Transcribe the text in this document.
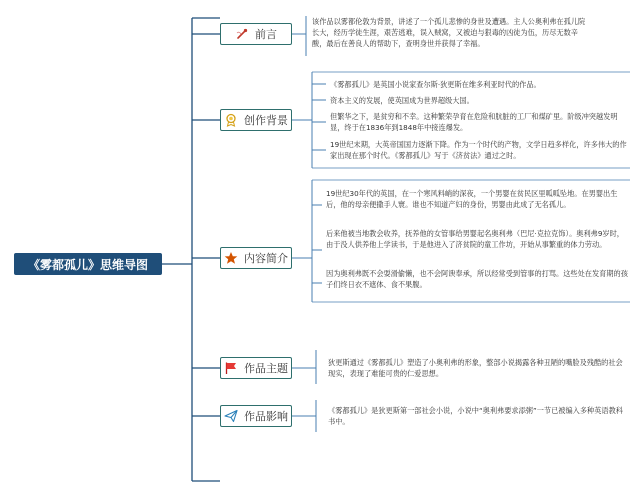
《雾都孤儿》思维导图
前言
创作背景
内容简介
作品主题
作品影响

该作品以雾都伦敦为背景，讲述了一个孤儿悲惨的身世及遭遇。主人公奥利弗在孤儿院长大，经历学徒生涯，艰苦逃难，误入贼窝，又被迫与狠毒的凶徒为伍，历尽无数辛酸，最后在善良人的帮助下，查明身世并获得了幸福。

《雾都孤儿》是英国小说家查尔斯·狄更斯在维多利亚时代的作品。

资本主义的发展，使英国成为世界超级大国。

但繁华之下，是贫穷和不幸。这种繁荣孕育在危险和肮脏的工厂和煤矿里。阶级冲突越发明显，终于在1836年到1848年中接连爆发。

19世纪末期，大英帝国国力逐渐下降。作为一个时代的产物，文学日趋多样化，许多伟大的作家出现在那个时代。《雾都孤儿》写于《济贫法》通过之时。

19世纪30年代的英国，在一个寒风料峭的深夜，一个男婴在贫民区里呱呱坠地。在男婴出生后，他的母亲便撒手人寰。谁也不知道产妇的身份，男婴由此成了无名孤儿。

后来他被当地教会收养，抚养他的女管事给男婴起名奥利弗（巴尼·克拉克饰）。奥利弗9岁时，由于没人供养他上学读书，于是他进入了济贫院的童工作坊，开始从事繁重的体力劳动。

因为奥利弗既不会耍滑偷懒，也不会阿谀奉承，所以经常受到管事的打骂。这些处在发育期的孩子们终日衣不遮体、食不果腹。

狄更斯通过《雾都孤儿》塑造了小奥利弗的形象，整部小说揭露各种丑陋的嘴脸及残酷的社会现实，表现了难能可贵的仁爱思想。

《雾都孤儿》是狄更斯第一部社会小说，小说中“奥利弗要求添粥”一节已被编入多种英语教科书中。
